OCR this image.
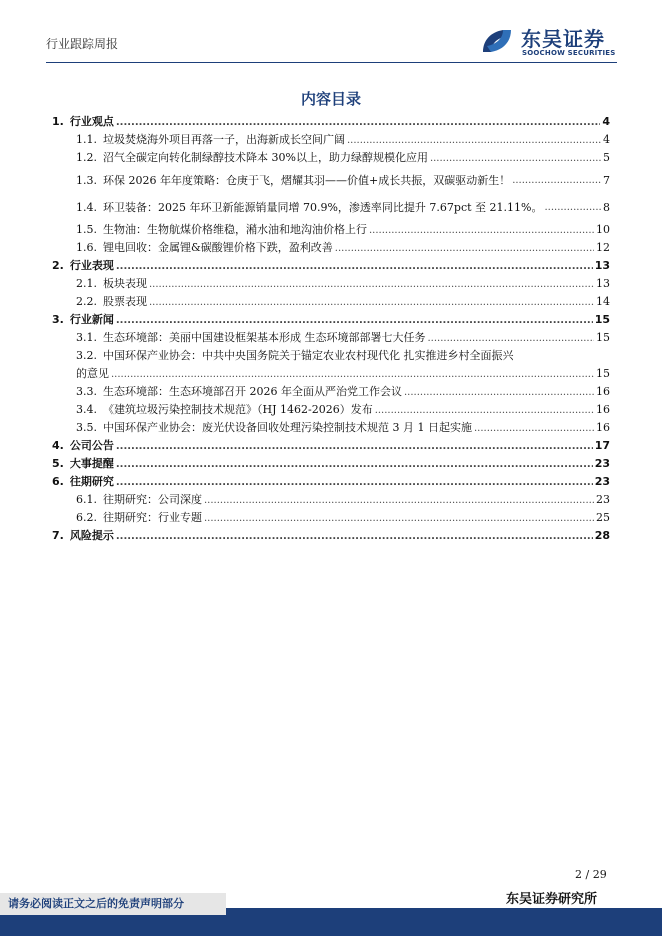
行业跟踪周报	东吴证券
SOOCHOW SECURITIES
内容目录
1. 行业观点 .....	4
1.1. 垃圾焚烧海外项目再落一子，出海新成长空间广阔 .....	4
1.2. 沼气全碳定向转化制绿醇技术降本 30%以上，助力绿醇规模化应用 .....	5
1.3. 环保 2026 年年度策略：仓庚于飞，熠耀其羽——价值+成长共振，双碳驱动新生！ .....	7
1.4. 环卫装备：2025 年环卫新能源销量同增 70.9%，渗透率同比提升 7.67pct 至 21.11%。 .....	8
1.5. 生物油：生物航煤价格维稳，潲水油和地沟油价格上行 .....	10
1.6. 锂电回收：金属锂&碳酸锂价格下跌，盈利改善 .....	12
2. 行业表现 .....	13
2.1. 板块表现 .....	13
2.2. 股票表现 .....	14
3. 行业新闻 .....	15
3.1. 生态环境部：美丽中国建设框架基本形成 生态环境部部署七大任务 .....	15
3.2. 中国环保产业协会：中共中央国务院关于锚定农业农村现代化 扎实推进乡村全面振兴
的意见 .....	15
3.3. 生态环境部：生态环境部召开 2026 年全面从严治党工作会议 .....	16
3.4. 《建筑垃圾污染控制技术规范》（HJ 1462-2026）发布 .....	16
3.5. 中国环保产业协会：废光伏设备回收处理污染控制技术规范 3 月 1 日起实施 .....	16
4. 公司公告 .....	17
5. 大事提醒 .....	23
6. 往期研究 .....	23
6.1. 往期研究：公司深度 .....	23
6.2. 往期研究：行业专题 .....	25
7. 风险提示 .....	28
2 / 29
东吴证券研究所
请务必阅读正文之后的免责声明部分
